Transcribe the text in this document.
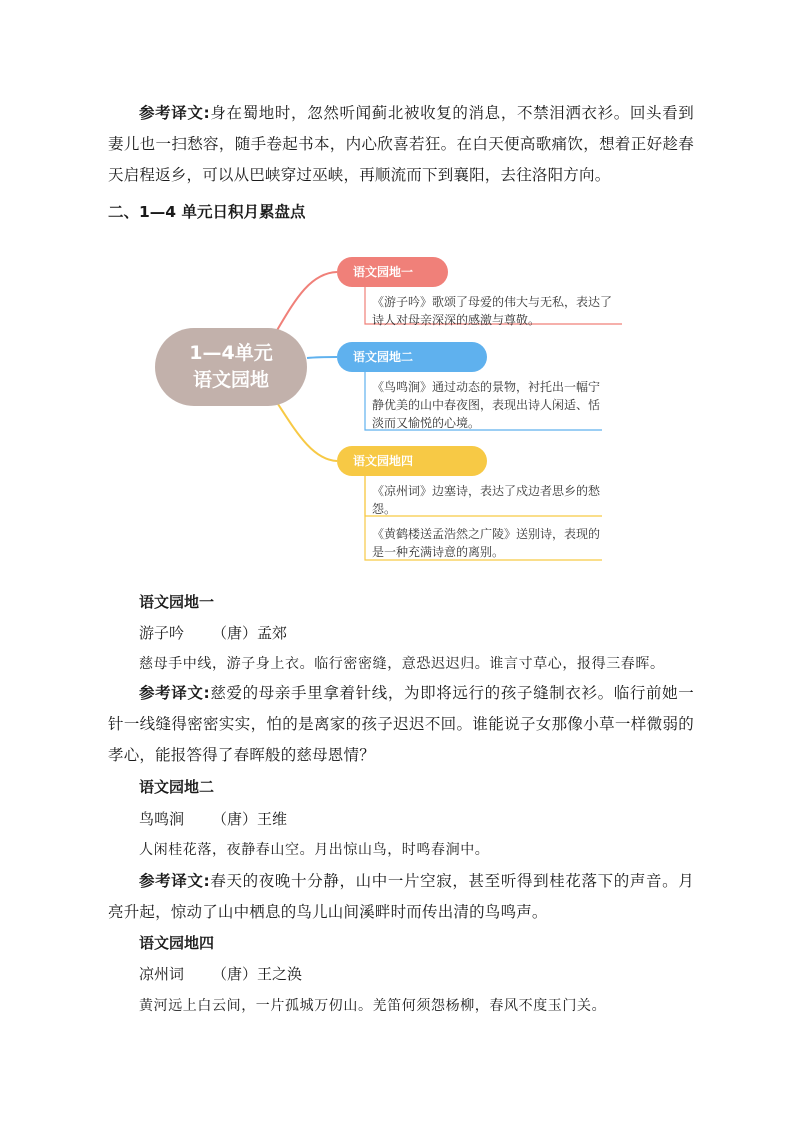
参考译文:身在蜀地时，忽然听闻蓟北被收复的消息，不禁泪洒衣衫。回头看到妻儿也一扫愁容，随手卷起书本，内心欣喜若狂。在白天便高歌痛饮，想着正好趁春天启程返乡，可以从巴峡穿过巫峡，再顺流而下到襄阳，去往洛阳方向。

二、1—4 单元日积月累盘点
1—4单元
语文园地
语文园地一
《游子吟》歌颂了母爱的伟大与无私，表达了诗人对母亲深深的感激与尊敬。
语文园地二
《鸟鸣涧》通过动态的景物，衬托出一幅宁静优美的山中春夜图，表现出诗人闲适、恬淡而又愉悦的心境。
语文园地四
《凉州词》边塞诗，表达了戍边者思乡的愁怨。
《黄鹤楼送孟浩然之广陵》送别诗，表现的是一种充满诗意的离别。
语文园地一
游子吟 （唐）孟郊
慈母手中线，游子身上衣。临行密密缝，意恐迟迟归。谁言寸草心，报得三春晖。

参考译文:慈爱的母亲手里拿着针线，为即将远行的孩子缝制衣衫。临行前她一针一线缝得密密实实，怕的是离家的孩子迟迟不回。谁能说子女那像小草一样微弱的孝心，能报答得了春晖般的慈母恩情？

语文园地二
鸟鸣涧 （唐）王维
人闲桂花落，夜静春山空。月出惊山鸟，时鸣春涧中。

参考译文:春天的夜晚十分静，山中一片空寂，甚至听得到桂花落下的声音。月亮升起，惊动了山中栖息的鸟儿山间溪畔时而传出清的鸟鸣声。

语文园地四
凉州词 （唐）王之涣
黄河远上白云间，一片孤城万仞山。羌笛何须怨杨柳，春风不度玉门关。
